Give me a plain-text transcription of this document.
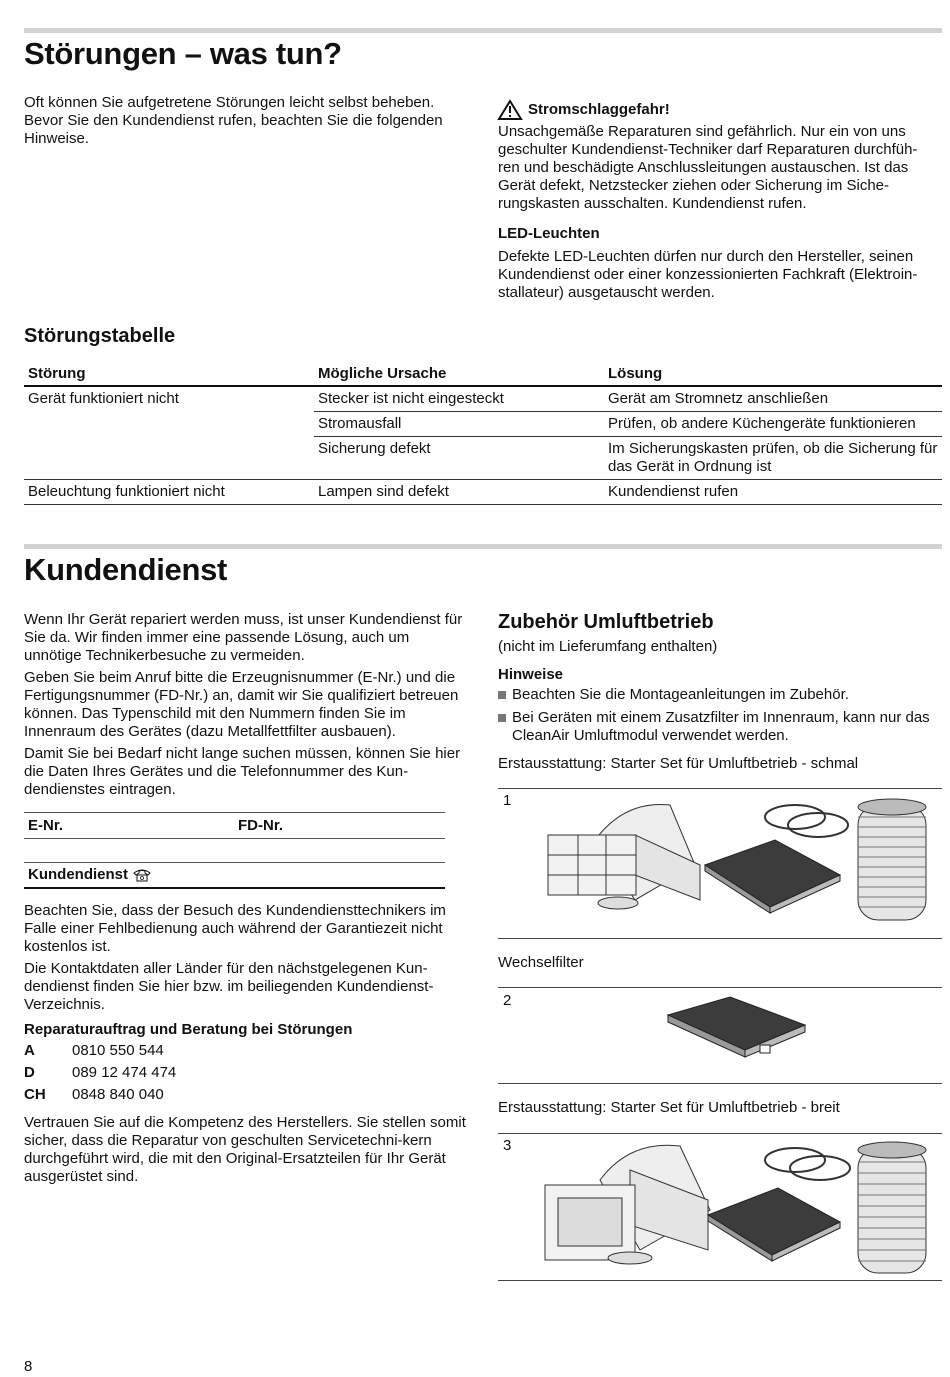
Störungen – was tun?

Oft können Sie aufgetretene Störungen leicht selbst beheben. Bevor Sie den Kundendienst rufen, beachten Sie die folgenden Hinweise.

Stromschlaggefahr!

Unsachgemäße Reparaturen sind gefährlich. Nur ein von uns geschulter Kundendienst-Techniker darf Reparaturen durchfüh-ren und beschädigte Anschlussleitungen austauschen. Ist das Gerät defekt, Netzstecker ziehen oder Sicherung im Siche-rungskasten ausschalten. Kundendienst rufen.

LED-Leuchten

Defekte LED-Leuchten dürfen nur durch den Hersteller, seinen Kundendienst oder einer konzessionierten Fachkraft (Elektroin-stallateur) ausgetauscht werden.

Störungstabelle
Störung	Mögliche Ursache	Lösung
Gerät funktioniert nicht	Stecker ist nicht eingesteckt	Gerät am Stromnetz anschließen
	Stromausfall	Prüfen, ob andere Küchengeräte funktionieren
	Sicherung defekt	Im Sicherungskasten prüfen, ob die Sicherung für das Gerät in Ordnung ist
Beleuchtung funktioniert nicht	Lampen sind defekt	Kundendienst rufen
Kundendienst

Wenn Ihr Gerät repariert werden muss, ist unser Kundendienst für Sie da. Wir finden immer eine passende Lösung, auch um unnötige Technikerbesuche zu vermeiden.

Geben Sie beim Anruf bitte die Erzeugnisnummer (E-Nr.) und die Fertigungsnummer (FD-Nr.) an, damit wir Sie qualifiziert betreuen können. Das Typenschild mit den Nummern finden Sie im Innenraum des Gerätes (dazu Metallfettfilter ausbauen).

Damit Sie bei Bedarf nicht lange suchen müssen, können Sie hier die Daten Ihres Gerätes und die Telefonnummer des Kun-dendienstes eintragen.

E-Nr.	FD-Nr.
Kundendienst

Beachten Sie, dass der Besuch des Kundendiensttechnikers im Falle einer Fehlbedienung auch während der Garantiezeit nicht kostenlos ist.

Die Kontaktdaten aller Länder für den nächstgelegenen Kun-dendienst finden Sie hier bzw. im beiliegenden Kundendienst-Verzeichnis.

Reparaturauftrag und Beratung bei Störungen
A	0810 550 544
D	089 12 474 474
CH	0848 840 040

Vertrauen Sie auf die Kompetenz des Herstellers. Sie stellen somit sicher, dass die Reparatur von geschulten Servicetechni-kern durchgeführt wird, die mit den Original-Ersatzteilen für Ihr Gerät ausgerüstet sind.

Zubehör Umluftbetrieb

(nicht im Lieferumfang enthalten)

Hinweise
Beachten Sie die Montageanleitungen im Zubehör.
Bei Geräten mit einem Zusatzfilter im Innenraum, kann nur das CleanAir Umluftmodul verwendet werden.

Erstausstattung: Starter Set für Umluftbetrieb - schmal

1

Wechselfilter

2

Erstausstattung: Starter Set für Umluftbetrieb - breit

3
8
